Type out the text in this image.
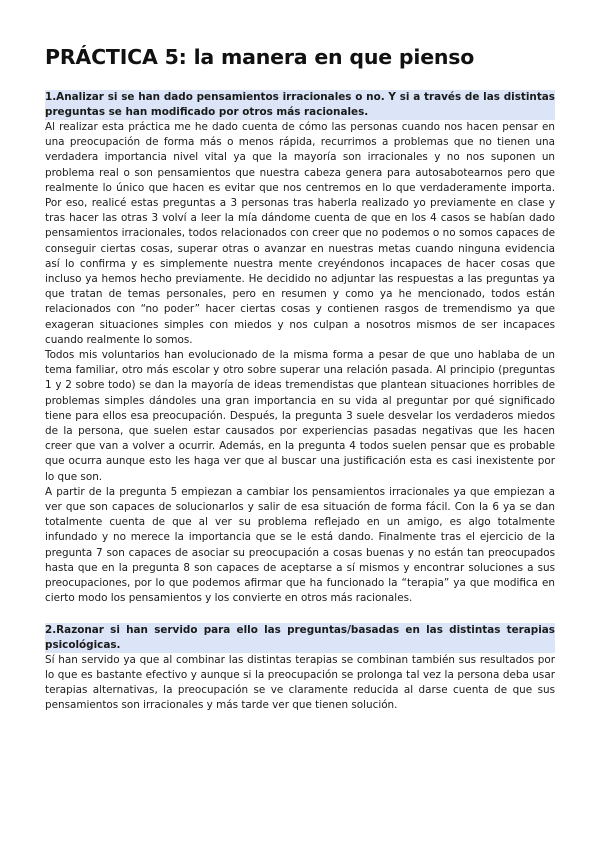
PRÁCTICA 5: la manera en que pienso

1.Analizar si se han dado pensamientos irracionales o no. Y si a través de las distintas preguntas se han modificado por otros más racionales.

Al realizar esta práctica me he dado cuenta de cómo las personas cuando nos hacen pensar en una preocupación de forma más o menos rápida, recurrimos a problemas que no tienen una verdadera importancia nivel vital ya que la mayoría son irracionales y no nos suponen un problema real o son pensamientos que nuestra cabeza genera para autosabotearnos pero que realmente lo único que hacen es evitar que nos centremos en lo que verdaderamente importa. Por eso, realicé estas preguntas a 3 personas tras haberla realizado yo previamente en clase y tras hacer las otras 3 volví a leer la mía dándome cuenta de que en los 4 casos se habían dado pensamientos irracionales, todos relacionados con creer que no podemos o no somos capaces de conseguir ciertas cosas, superar otras o avanzar en nuestras metas cuando ninguna evidencia así lo confirma y es simplemente nuestra mente creyéndonos incapaces de hacer cosas que incluso ya hemos hecho previamente. He decidido no adjuntar las respuestas a las preguntas ya que tratan de temas personales, pero en resumen y como ya he mencionado, todos están relacionados con “no poder” hacer ciertas cosas y contienen rasgos de tremendismo ya que exageran situaciones simples con miedos y nos culpan a nosotros mismos de ser incapaces cuando realmente lo somos.

Todos mis voluntarios han evolucionado de la misma forma a pesar de que uno hablaba de un tema familiar, otro más escolar y otro sobre superar una relación pasada. Al principio (preguntas 1 y 2 sobre todo) se dan la mayoría de ideas tremendistas que plantean situaciones horribles de problemas simples dándoles una gran importancia en su vida al preguntar por qué significado tiene para ellos esa preocupación. Después, la pregunta 3 suele desvelar los verdaderos miedos de la persona, que suelen estar causados por experiencias pasadas negativas que les hacen creer que van a volver a ocurrir. Además, en la pregunta 4 todos suelen pensar que es probable que ocurra aunque esto les haga ver que al buscar una justificación esta es casi inexistente por lo que son.

A partir de la pregunta 5 empiezan a cambiar los pensamientos irracionales ya que empiezan a ver que son capaces de solucionarlos y salir de esa situación de forma fácil. Con la 6 ya se dan totalmente cuenta de que al ver su problema reflejado en un amigo, es algo totalmente infundado y no merece la importancia que se le está dando. Finalmente tras el ejercicio de la pregunta 7 son capaces de asociar su preocupación a cosas buenas y no están tan preocupados hasta que en la pregunta 8 son capaces de aceptarse a sí mismos y encontrar soluciones a sus preocupaciones, por lo que podemos afirmar que ha funcionado la “terapia” ya que modifica en cierto modo los pensamientos y los convierte en otros más racionales.

2.Razonar si han servido para ello las preguntas/basadas en las distintas terapias psicológicas.

Sí han servido ya que al combinar las distintas terapias se combinan también sus resultados por lo que es bastante efectivo y aunque si la preocupación se prolonga tal vez la persona deba usar terapias alternativas, la preocupación se ve claramente reducida al darse cuenta de que sus pensamientos son irracionales y más tarde ver que tienen solución.
